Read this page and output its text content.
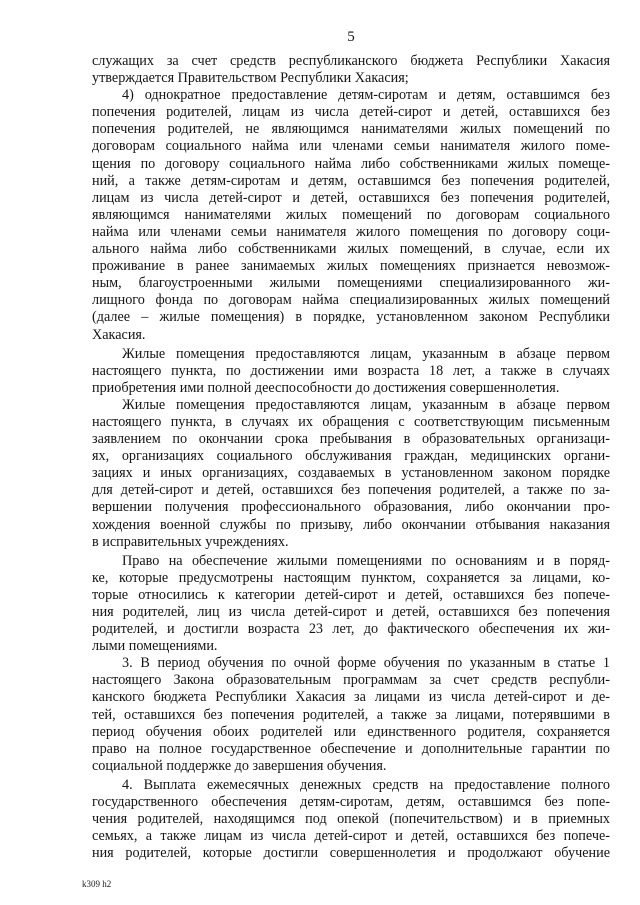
5
служащих за счет средств республиканского бюджета Республики Хакасия
утверждается Правительством Республики Хакасия;
4) однократное предоставление детям-сиротам и детям, оставшимся без
попечения родителей, лицам из числа детей-сирот и детей, оставшихся без
попечения родителей, не являющимся нанимателями жилых помещений по
договорам социального найма или членами семьи нанимателя жилого поме-
щения по договору социального найма либо собственниками жилых помеще-
ний, а также детям-сиротам и детям, оставшимся без попечения родителей,
лицам из числа детей-сирот и детей, оставшихся без попечения родителей,
являющимся нанимателями жилых помещений по договорам социального
найма или членами семьи нанимателя жилого помещения по договору соци-
ального найма либо собственниками жилых помещений, в случае, если их
проживание в ранее занимаемых жилых помещениях признается невозмож-
ным, благоустроенными жилыми помещениями специализированного жи-
лищного фонда по договорам найма специализированных жилых помещений
(далее – жилые помещения) в порядке, установленном законом Республики
Хакасия.
Жилые помещения предоставляются лицам, указанным в абзаце первом
настоящего пункта, по достижении ими возраста 18 лет, а также в случаях
приобретения ими полной дееспособности до достижения совершеннолетия.
Жилые помещения предоставляются лицам, указанным в абзаце первом
настоящего пункта, в случаях их обращения с соответствующим письменным
заявлением по окончании срока пребывания в образовательных организаци-
ях, организациях социального обслуживания граждан, медицинских органи-
зациях и иных организациях, создаваемых в установленном законом порядке
для детей-сирот и детей, оставшихся без попечения родителей, а также по за-
вершении получения профессионального образования, либо окончании про-
хождения военной службы по призыву, либо окончании отбывания наказания
в исправительных учреждениях.
Право на обеспечение жилыми помещениями по основаниям и в поряд-
ке, которые предусмотрены настоящим пунктом, сохраняется за лицами, ко-
торые относились к категории детей-сирот и детей, оставшихся без попече-
ния родителей, лиц из числа детей-сирот и детей, оставшихся без попечения
родителей, и достигли возраста 23 лет, до фактического обеспечения их жи-
лыми помещениями.
3. В период обучения по очной форме обучения по указанным в статье 1
настоящего Закона образовательным программам за счет средств республи-
канского бюджета Республики Хакасия за лицами из числа детей-сирот и де-
тей, оставшихся без попечения родителей, а также за лицами, потерявшими в
период обучения обоих родителей или единственного родителя, сохраняется
право на полное государственное обеспечение и дополнительные гарантии по
социальной поддержке до завершения обучения.
4. Выплата ежемесячных денежных средств на предоставление полного
государственного обеспечения детям-сиротам, детям, оставшимся без попе-
чения родителей, находящимся под опекой (попечительством) и в приемных
семьях, а также лицам из числа детей-сирот и детей, оставшихся без попече-
ния родителей, которые достигли совершеннолетия и продолжают обучение
k309 h2
